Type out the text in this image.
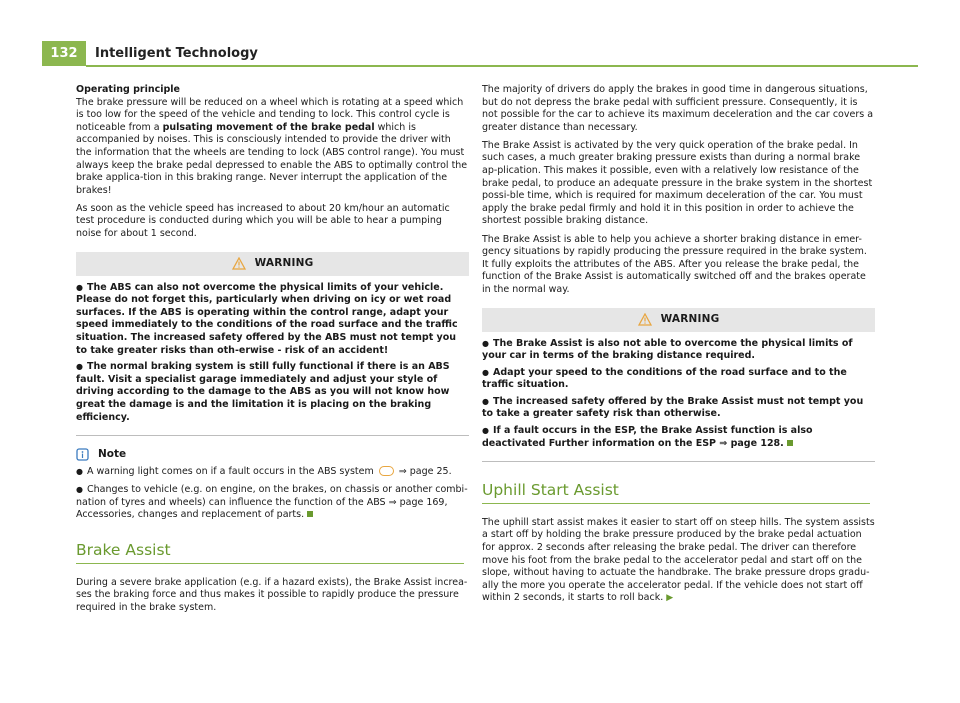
132	Intelligent Technology

Operating principle

The brake pressure will be reduced on a wheel which is rotating at a speed which is too low for the speed of the vehicle and tending to lock. This control cycle is noticeable from a pulsating movement of the brake pedal which is accompanied by noises. This is consciously intended to provide the driver with the information that the wheels are tending to lock (ABS control range). You must always keep the brake pedal depressed to enable the ABS to optimally control the brake applica-tion in this braking range. Never interrupt the application of the brakes!

As soon as the vehicle speed has increased to about 20 km/hour an automatic test procedure is conducted during which you will be able to hear a pumping noise for about 1 second.

WARNING

● The ABS can also not overcome the physical limits of your vehicle. Please do not forget this, particularly when driving on icy or wet road surfaces. If the ABS is operating within the control range, adapt your speed immediately to the conditions of the road surface and the traffic situation. The increased safety offered by the ABS must not tempt you to take greater risks than oth-erwise - risk of an accident!

● The normal braking system is still fully functional if there is an ABS fault. Visit a specialist garage immediately and adjust your style of driving according to the damage to the ABS as you will not know how great the damage is and the limitation it is placing on the braking efficiency.

Note

● A warning light comes on if a fault occurs in the ABS system  ⇒ page 25.

● Changes to vehicle (e.g. on engine, on the brakes, on chassis or another combi-nation of tyres and wheels) can influence the function of the ABS ⇒ page 169, Accessories, changes and replacement of parts.

Brake Assist

During a severe brake application (e.g. if a hazard exists), the Brake Assist increa-ses the braking force and thus makes it possible to rapidly produce the pressure required in the brake system.

The majority of drivers do apply the brakes in good time in dangerous situations, but do not depress the brake pedal with sufficient pressure. Consequently, it is not possible for the car to achieve its maximum deceleration and the car covers a greater distance than necessary.

The Brake Assist is activated by the very quick operation of the brake pedal. In such cases, a much greater braking pressure exists than during a normal brake ap-plication. This makes it possible, even with a relatively low resistance of the brake pedal, to produce an adequate pressure in the brake system in the shortest possi-ble time, which is required for maximum deceleration of the car. You must apply the brake pedal firmly and hold it in this position in order to achieve the shortest possible braking distance.

The Brake Assist is able to help you achieve a shorter braking distance in emer-gency situations by rapidly producing the pressure required in the brake system. It fully exploits the attributes of the ABS. After you release the brake pedal, the function of the Brake Assist is automatically switched off and the brakes operate in the normal way.

WARNING

● The Brake Assist is also not able to overcome the physical limits of your car in terms of the braking distance required.

● Adapt your speed to the conditions of the road surface and to the traffic situation.

● The increased safety offered by the Brake Assist must not tempt you to take a greater safety risk than otherwise.

● If a fault occurs in the ESP, the Brake Assist function is also deactivated Further information on the ESP ⇒ page 128.

Uphill Start Assist

The uphill start assist makes it easier to start off on steep hills. The system assists a start off by holding the brake pressure produced by the brake pedal actuation for approx. 2 seconds after releasing the brake pedal. The driver can therefore move his foot from the brake pedal to the accelerator pedal and start off on the slope, without having to actuate the handbrake. The brake pressure drops gradu-ally the more you operate the accelerator pedal. If the vehicle does not start off within 2 seconds, it starts to roll back. ▶
